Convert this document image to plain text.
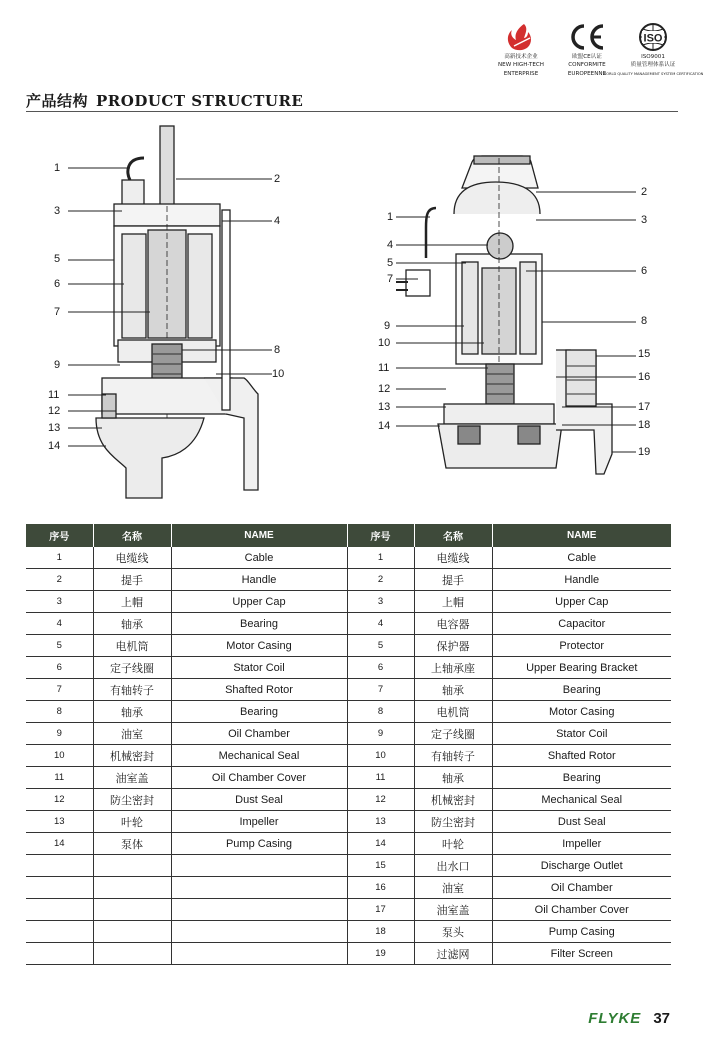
高新技术企业
NEW HIGH-TECH
ENTERPRISE
欧盟CE认证
CONFORMITE
EUROPEENNE
ISO
ISO9001
质量管理体系认证
WORLD QUALITY MANAGEMENT SYSTEM CERTIFICATION
产品结构 PRODUCT STRUCTURE
1
2
3
4
5
6
7
8
9
10
11
12
13
14
1
2
3
4
5
6
7
8
9
10
15
11
16
12
17
13
18
14
19
序号	名称	NAME	序号	名称	NAME
1	电缆线	Cable	1	电缆线	Cable
2	提手	Handle	2	提手	Handle
3	上帽	Upper Cap	3	上帽	Upper Cap
4	轴承	Bearing	4	电容器	Capacitor
5	电机筒	Motor Casing	5	保护器	Protector
6	定子线圈	Stator Coil	6	上轴承座	Upper Bearing Bracket
7	有轴转子	Shafted Rotor	7	轴承	Bearing
8	轴承	Bearing	8	电机筒	Motor Casing
9	油室	Oil Chamber	9	定子线圈	Stator Coil
10	机械密封	Mechanical Seal	10	有轴转子	Shafted Rotor
11	油室盖	Oil Chamber Cover	11	轴承	Bearing
12	防尘密封	Dust Seal	12	机械密封	Mechanical Seal
13	叶轮	Impeller	13	防尘密封	Dust Seal
14	泵体	Pump Casing	14	叶轮	Impeller
			15	出水口	Discharge Outlet
			16	油室	Oil Chamber
			17	油室盖	Oil Chamber Cover
			18	泵头	Pump Casing
			19	过滤网	Filter Screen
FLYKE 37
